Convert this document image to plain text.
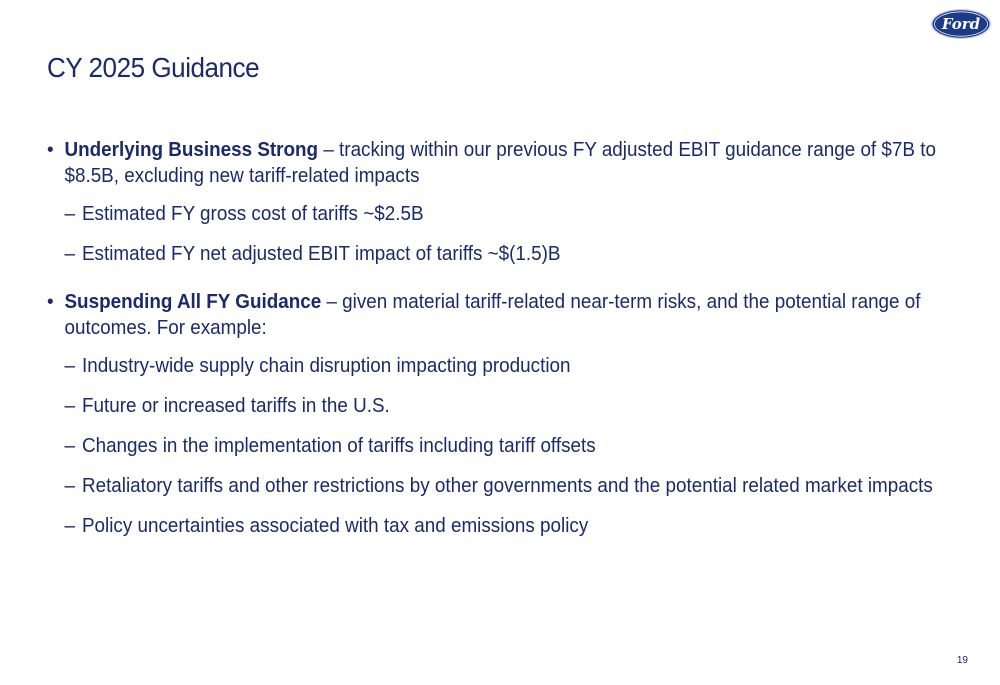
Ford
CY 2025 Guidance
• Underlying Business Strong – tracking within our previous FY adjusted EBIT guidance range of $7B to $8.5B, excluding new tariff-related impacts
– Estimated FY gross cost of tariffs ~$2.5B
– Estimated FY net adjusted EBIT impact of tariffs ~$(1.5)B
• Suspending All FY Guidance – given material tariff-related near-term risks, and the potential range of outcomes. For example:
– Industry-wide supply chain disruption impacting production
– Future or increased tariffs in the U.S.
– Changes in the implementation of tariffs including tariff offsets
– Retaliatory tariffs and other restrictions by other governments and the potential related market impacts
– Policy uncertainties associated with tax and emissions policy
19
